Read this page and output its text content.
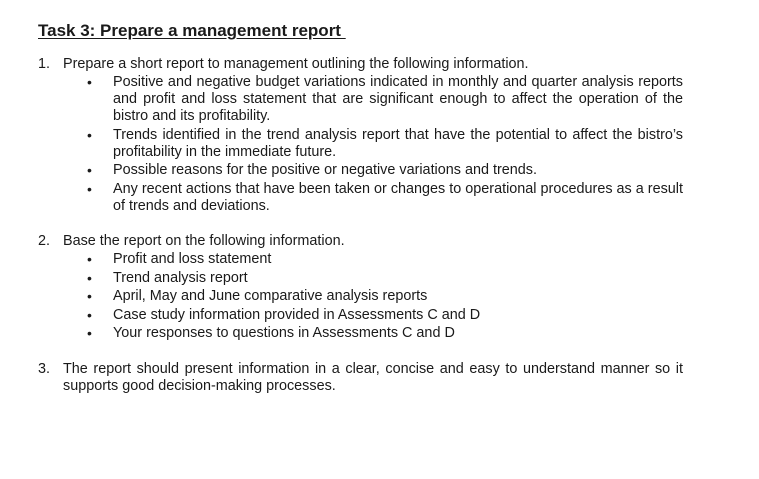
Task 3: Prepare a management report
1. Prepare a short report to management outlining the following information.
•	Positive and negative budget variations indicated in monthly and quarter analysis reports and profit and loss statement that are significant enough to affect the operation of the bistro and its profitability.
•	Trends identified in the trend analysis report that have the potential to affect the bistro’s profitability in the immediate future.
•	Possible reasons for the positive or negative variations and trends.
•	Any recent actions that have been taken or changes to operational procedures as a result of trends and deviations.
2. Base the report on the following information.
•	Profit and loss statement
•	Trend analysis report
•	April, May and June comparative analysis reports
•	Case study information provided in Assessments C and D
•	Your responses to questions in Assessments C and D
3. The report should present information in a clear, concise and easy to understand manner so it supports good decision-making processes.
